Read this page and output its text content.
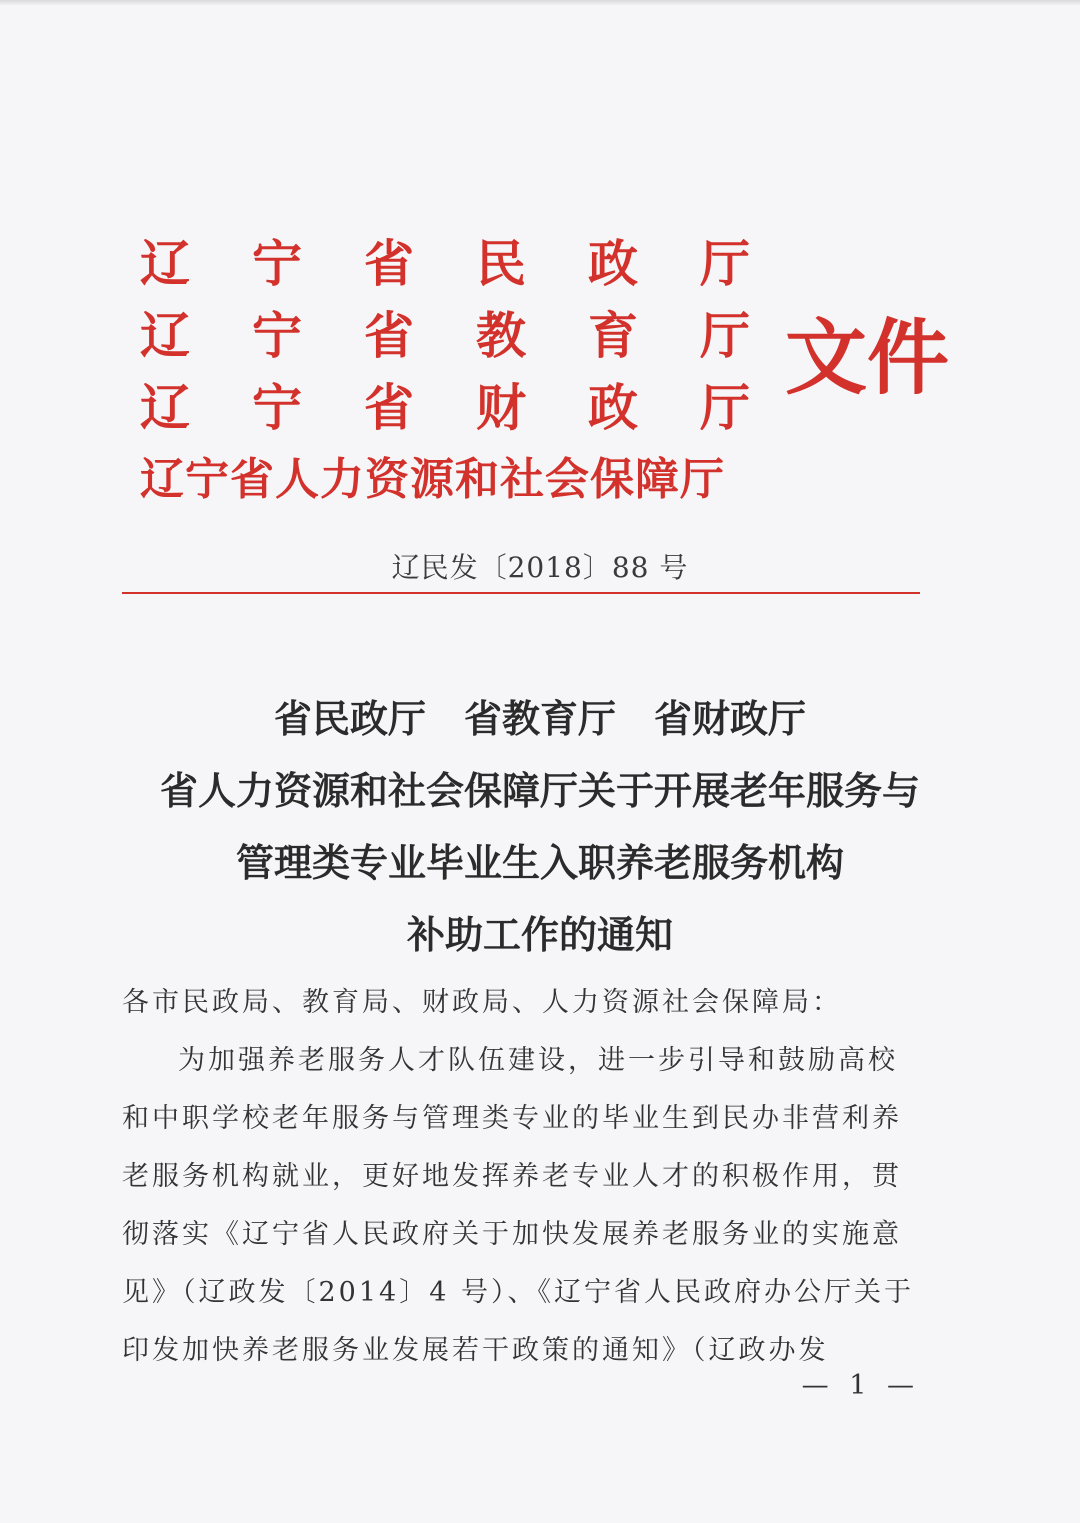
辽 宁 省 民 政 厅
辽 宁 省 教 育 厅
辽 宁 省 财 政 厅
辽宁省人力资源和社会保障厅
文件
辽民发〔2018〕88 号
省民政厅　省教育厅　省财政厅
省人力资源和社会保障厅关于开展老年服务与
管理类专业毕业生入职养老服务机构
补助工作的通知
各市民政局、教育局、财政局、人力资源社会保障局：
为加强养老服务人才队伍建设，进一步引导和鼓励高校
和中职学校老年服务与管理类专业的毕业生到民办非营利养
老服务机构就业，更好地发挥养老专业人才的积极作用，贯
彻落实《辽宁省人民政府关于加快发展养老服务业的实施意
见》（辽政发〔2014〕4 号）、《辽宁省人民政府办公厅关于
印发加快养老服务业发展若干政策的通知》（辽政办发
— 1 —
